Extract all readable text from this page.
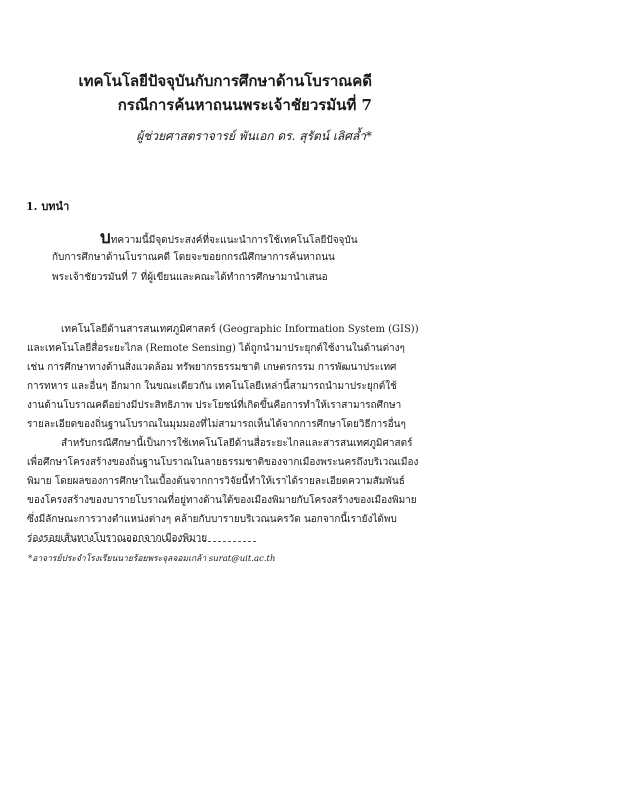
เทคโนโลยีปัจจุบันกับการศึกษาด้านโบราณคดี
กรณีการค้นหาถนนพระเจ้าชัยวรมันที่ 7
ผู้ช่วยศาสตราจารย์ พันเอก ดร. สุรัตน์ เลิศล้ำ*
1. บทนำ
บทความนี้มีจุดประสงค์ที่จะแนะนำการใช้เทคโนโลยีปัจจุบัน
กับการศึกษาด้านโบราณคดี โดยจะขอยกกรณีศึกษาการค้นหาถนน
พระเจ้าชัยวรมันที่ 7 ที่ผู้เขียนและคณะได้ทำการศึกษามานำเสนอ
เทคโนโลยีด้านสารสนเทศภูมิศาสตร์ (Geographic Information System (GIS))
และเทคโนโลยีสื่อระยะไกล (Remote Sensing) ได้ถูกนำมาประยุกต์ใช้งานในด้านต่างๆ
เช่น การศึกษาทางด้านสิ่งแวดล้อม ทรัพยากรธรรมชาติ เกษตรกรรม การพัฒนาประเทศ
การทหาร และอื่นๆ อีกมาก ในขณะเดียวกัน เทคโนโลยีเหล่านี้สามารถนำมาประยุกต์ใช้
งานด้านโบราณคดีอย่างมีประสิทธิภาพ ประโยชน์ที่เกิดขึ้นคือการทำให้เราสามารถศึกษา
รายละเอียดของถิ่นฐานโบราณในมุมมองที่ไม่สามารถเห็นได้จากการศึกษาโดยวิธีการอื่นๆ
สำหรับกรณีศึกษานี้เป็นการใช้เทคโนโลยีด้านสื่อระยะไกลและสารสนเทศภูมิศาสตร์
เพื่อศึกษาโครงสร้างของถิ่นฐานโบราณในลายธรรมชาติของจากเมืองพระนครถึงบริเวณเมือง
พิมาย โดยผลของการศึกษาในเบื้องต้นจากการวิจัยนี้ทำให้เราได้รายละเอียดความสัมพันธ์
ของโครงสร้างของบารายโบราณที่อยู่ทางด้านใต้ของเมืองพิมายกับโครงสร้างของเมืองพิมาย
ซึ่งมีลักษณะการวางตำแหน่งต่างๆ คล้ายกับบารายบริเวณนครวัด นอกจากนี้เรายังได้พบ
ร่องรอยเส้นทางโบราณออกจากเมืองพิมาย
*อาจารย์ประจำโรงเรียนนายร้อยพระจุลจอมเกล้า surat@uit.ac.th
